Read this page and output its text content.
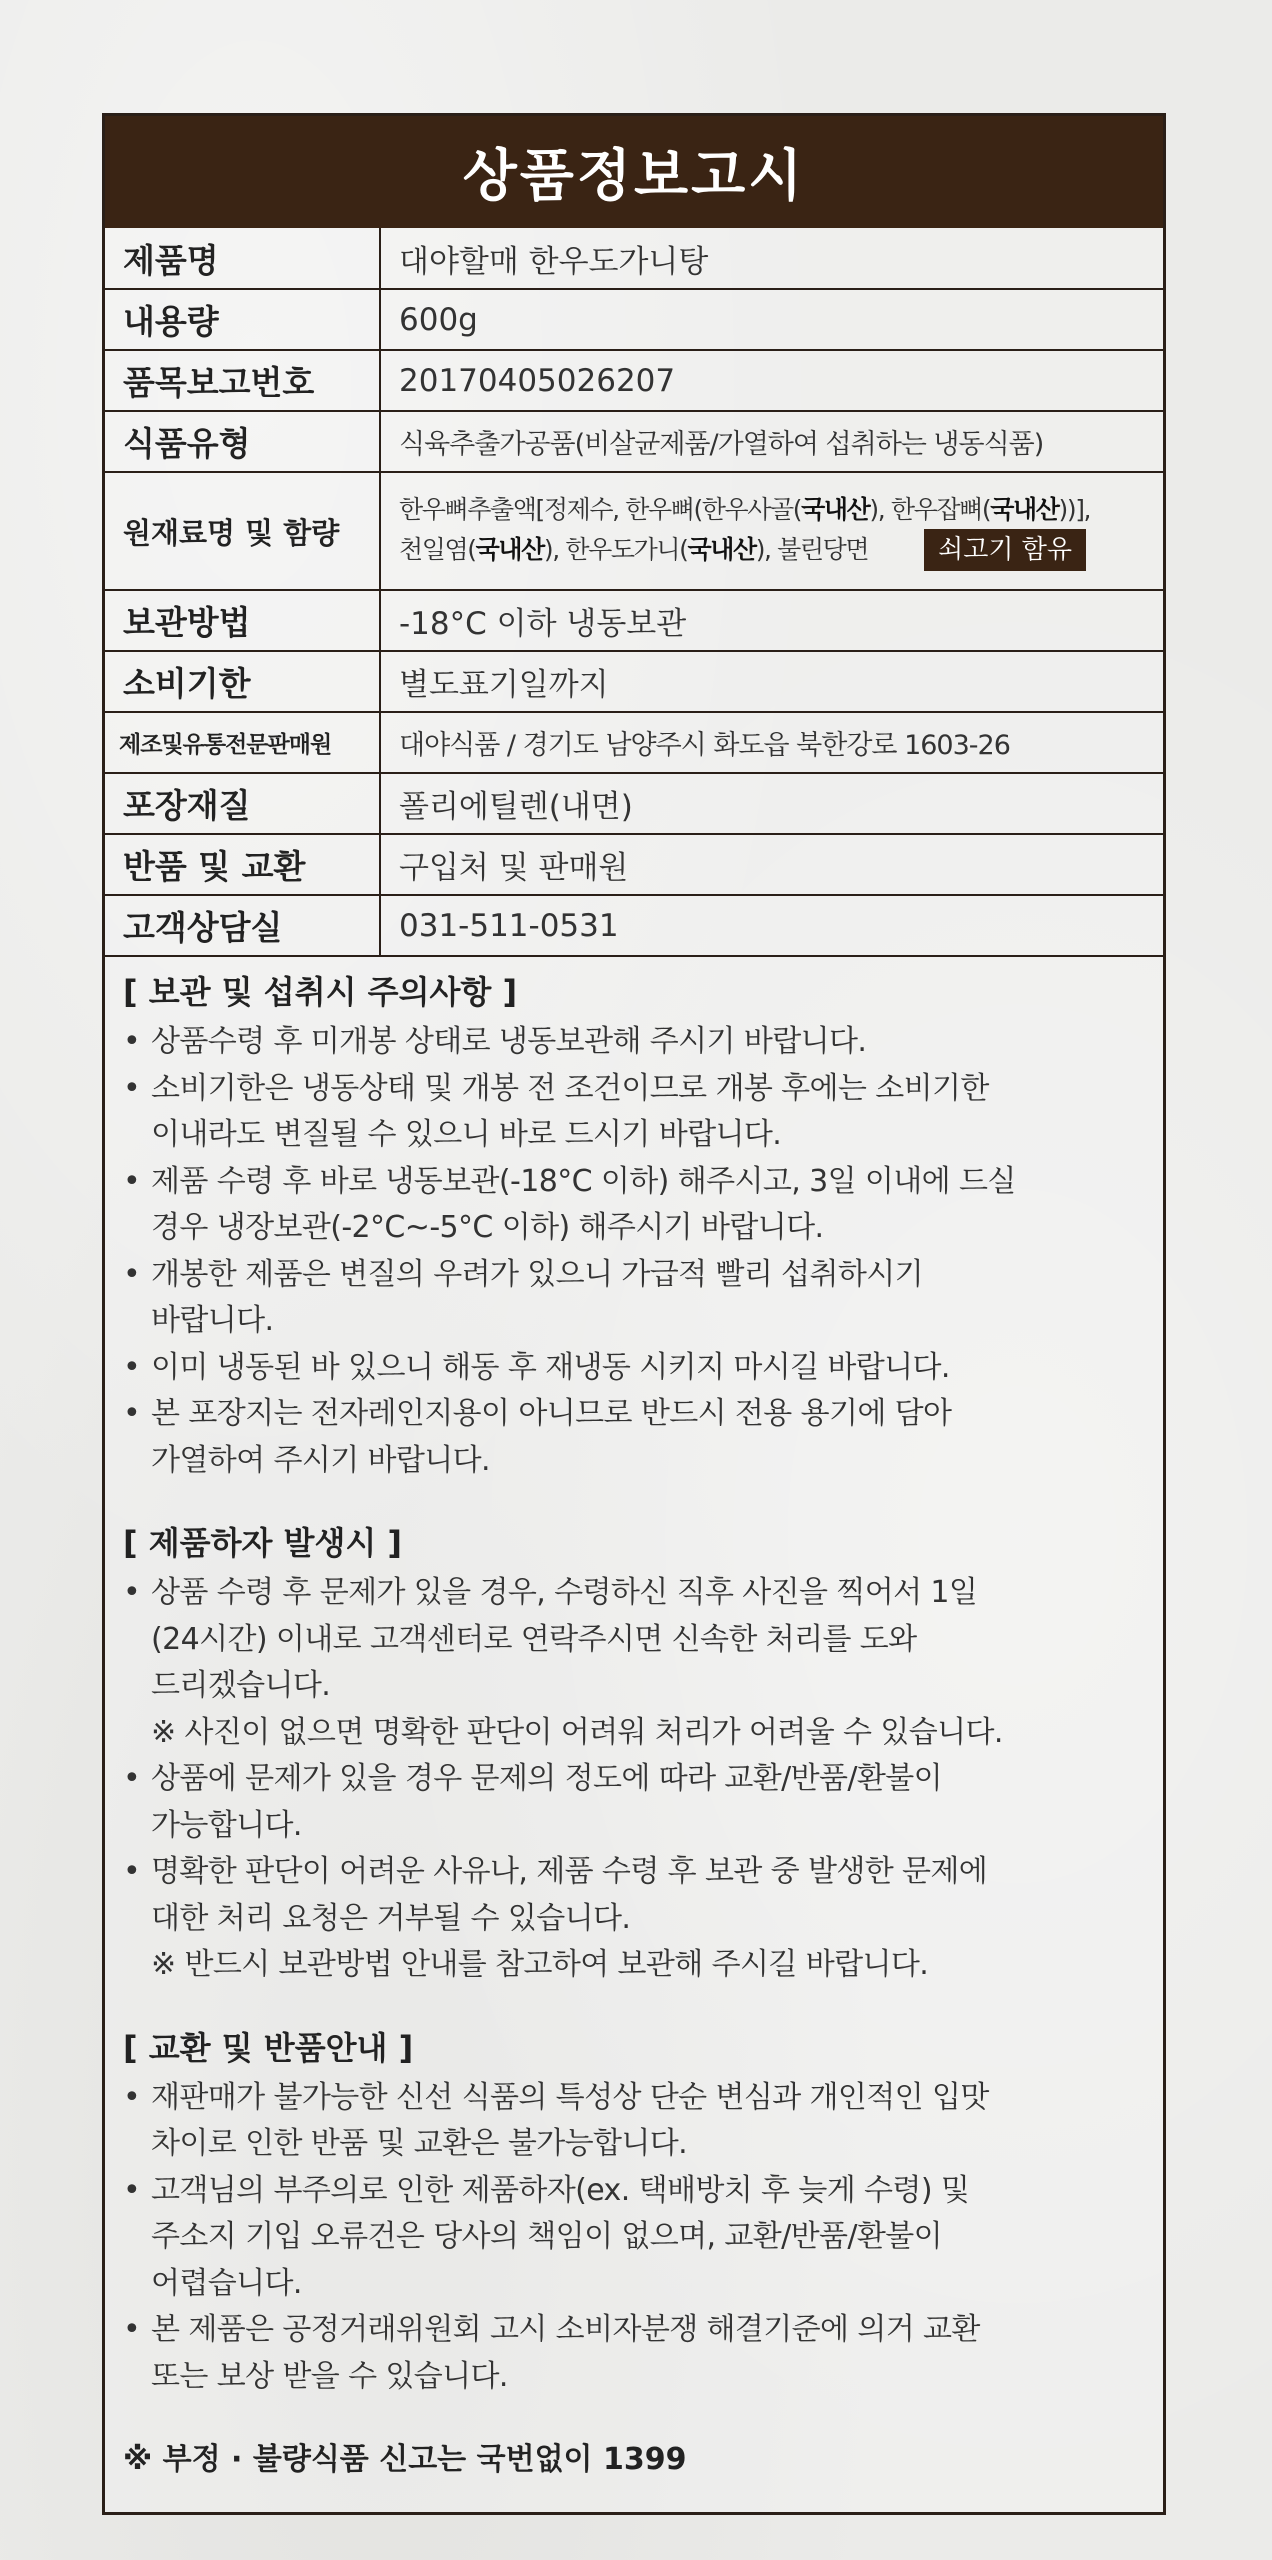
상품정보고시
제품명	대야할매 한우도가니탕
내용량	600g
품목보고번호	20170405026207
식품유형	식육추출가공품(비살균제품/가열하여 섭취하는 냉동식품)
원재료명 및 함량	한우뼈추출액[정제수, 한우뼈(한우사골(국내산), 한우잡뼈(국내산))],
천일염(국내산), 한우도가니(국내산), 불린당면 쇠고기 함유

보관방법	-18°C 이하 냉동보관
소비기한	별도표기일까지
제조및유통전문판매원	대야식품 / 경기도 남양주시 화도읍 북한강로 1603-26
포장재질	폴리에틸렌(내면)
반품 및 교환	구입처 및 판매원
고객상담실	031-511-0531
[ 보관 및 섭취시 주의사항 ]
• 상품수령 후 미개봉 상태로 냉동보관해 주시기 바랍니다.
• 소비기한은 냉동상태 및 개봉 전 조건이므로 개봉 후에는 소비기한
이내라도 변질될 수 있으니 바로 드시기 바랍니다.
• 제품 수령 후 바로 냉동보관(-18°C 이하) 해주시고, 3일 이내에 드실
경우 냉장보관(-2°C~-5°C 이하) 해주시기 바랍니다.
• 개봉한 제품은 변질의 우려가 있으니 가급적 빨리 섭취하시기
바랍니다.
• 이미 냉동된 바 있으니 해동 후 재냉동 시키지 마시길 바랍니다.
• 본 포장지는 전자레인지용이 아니므로 반드시 전용 용기에 담아
가열하여 주시기 바랍니다.
[ 제품하자 발생시 ]
• 상품 수령 후 문제가 있을 경우, 수령하신 직후 사진을 찍어서 1일
(24시간) 이내로 고객센터로 연락주시면 신속한 처리를 도와
드리겠습니다.
※ 사진이 없으면 명확한 판단이 어려워 처리가 어려울 수 있습니다.
• 상품에 문제가 있을 경우 문제의 정도에 따라 교환/반품/환불이
가능합니다.
• 명확한 판단이 어려운 사유나, 제품 수령 후 보관 중 발생한 문제에
대한 처리 요청은 거부될 수 있습니다.
※ 반드시 보관방법 안내를 참고하여 보관해 주시길 바랍니다.
[ 교환 및 반품안내 ]
• 재판매가 불가능한 신선 식품의 특성상 단순 변심과 개인적인 입맛
차이로 인한 반품 및 교환은 불가능합니다.
• 고객님의 부주의로 인한 제품하자(ex. 택배방치 후 늦게 수령) 및
주소지 기입 오류건은 당사의 책임이 없으며, 교환/반품/환불이
어렵습니다.
• 본 제품은 공정거래위원회 고시 소비자분쟁 해결기준에 의거 교환
또는 보상 받을 수 있습니다.
※ 부정 · 불량식품 신고는 국번없이 1399
